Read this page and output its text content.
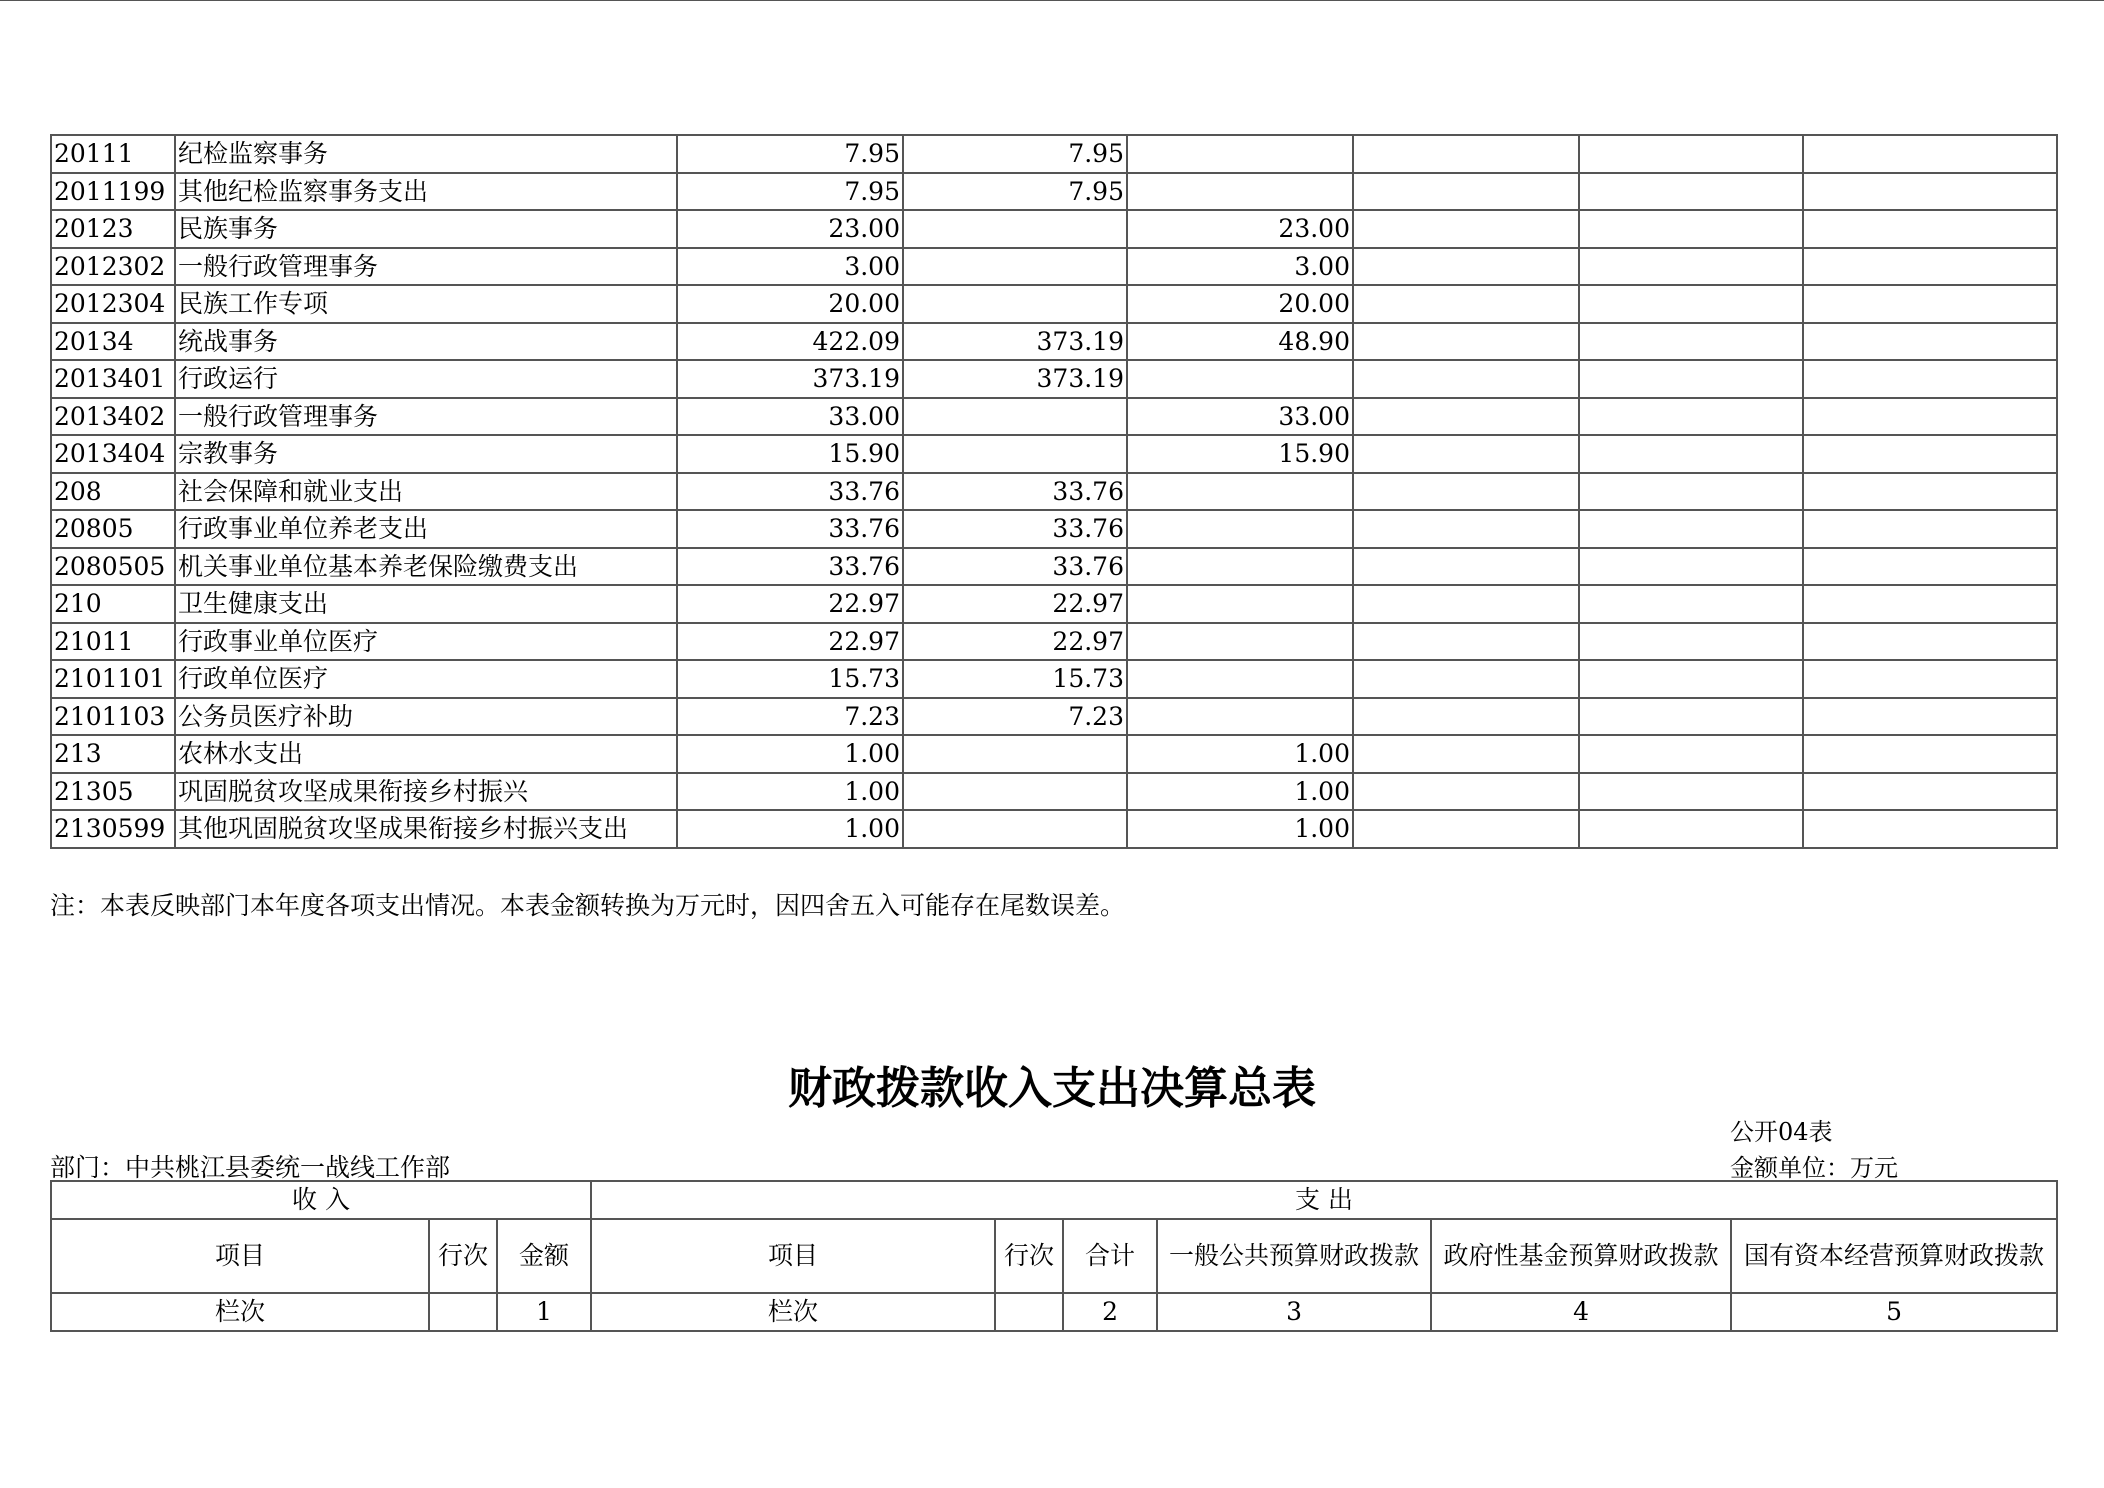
20111	纪检监察事务	7.95	7.95				
2011199	其他纪检监察事务支出	7.95	7.95				
20123	民族事务	23.00		23.00			
2012302	一般行政管理事务	3.00		3.00			
2012304	民族工作专项	20.00		20.00			
20134	统战事务	422.09	373.19	48.90			
2013401	行政运行	373.19	373.19				
2013402	一般行政管理事务	33.00		33.00			
2013404	宗教事务	15.90		15.90			
208	社会保障和就业支出	33.76	33.76				
20805	行政事业单位养老支出	33.76	33.76				
2080505	机关事业单位基本养老保险缴费支出	33.76	33.76				
210	卫生健康支出	22.97	22.97				
21011	行政事业单位医疗	22.97	22.97				
2101101	行政单位医疗	15.73	15.73				
2101103	公务员医疗补助	7.23	7.23				
213	农林水支出	1.00		1.00			
21305	巩固脱贫攻坚成果衔接乡村振兴	1.00		1.00			
2130599	其他巩固脱贫攻坚成果衔接乡村振兴支出	1.00		1.00			
注：本表反映部门本年度各项支出情况。本表金额转换为万元时，因四舍五入可能存在尾数误差。
财政拨款收入支出决算总表
公开04表
部门：中共桃江县委统一战线工作部	金额单位：万元
收 入			支 出					
项目	行次	金额	项目	行次	合计	一般公共预算财政拨款	政府性基金预算财政拨款	国有资本经营预算财政拨款
栏次		1	栏次		2	3	4	5
